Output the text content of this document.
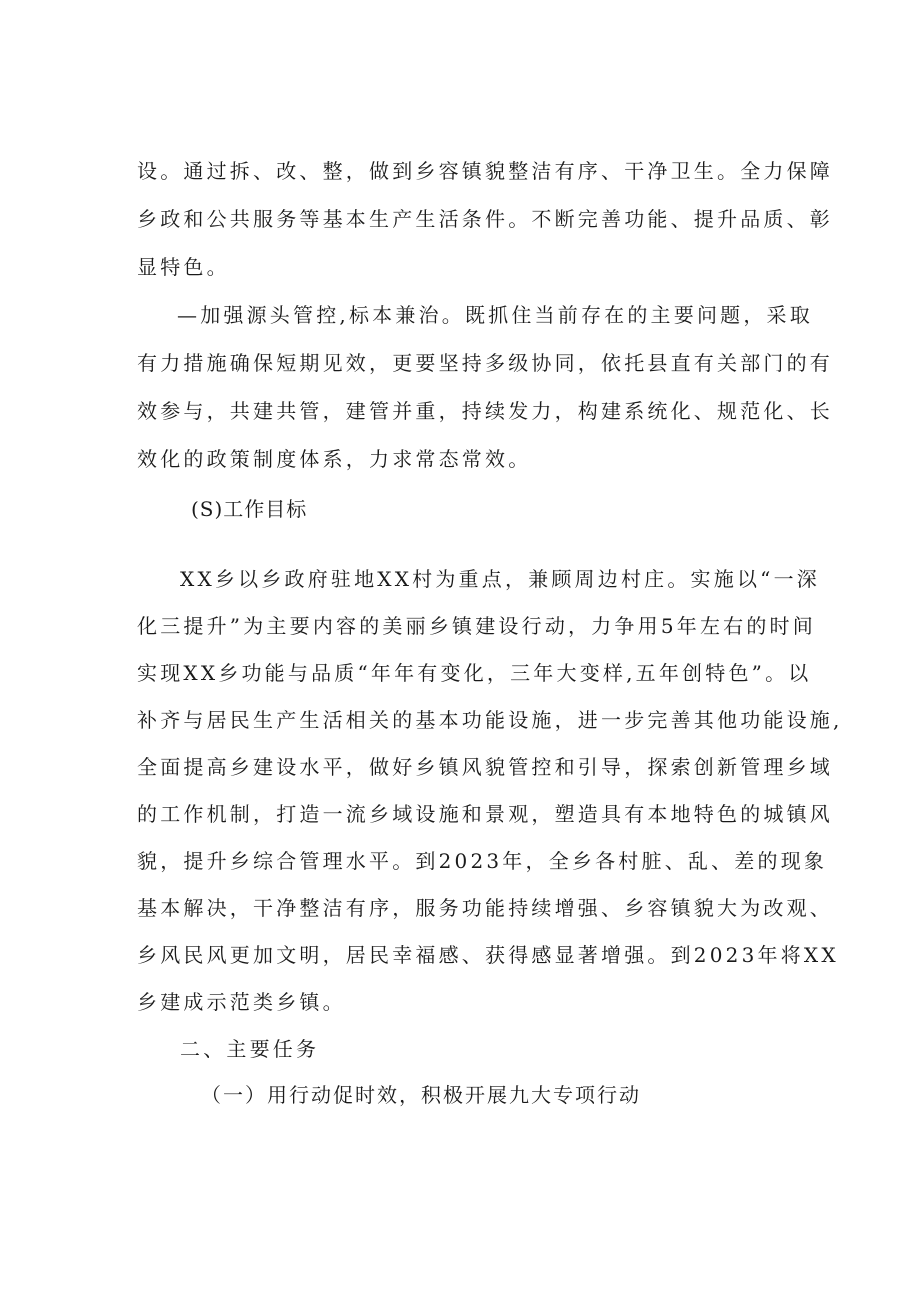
设。通过拆、改、整，做到乡容镇貌整洁有序、干净卫生。全力保障
乡政和公共服务等基本生产生活条件。不断完善功能、提升品质、彰
显特色。
—加强源头管控,标本兼治。既抓住当前存在的主要问题，采取
有力措施确保短期见效，更要坚持多级协同，依托县直有关部门的有
效参与，共建共管，建管并重，持续发力，构建系统化、规范化、长
效化的政策制度体系，力求常态常效。
(S)工作目标
XX乡以乡政府驻地XX村为重点，兼顾周边村庄。实施以“一深
化三提升”为主要内容的美丽乡镇建设行动，力争用5年左右的时间
实现XX乡功能与品质“年年有变化，三年大变样,五年创特色”。以
补齐与居民生产生活相关的基本功能设施，进一步完善其他功能设施,
全面提高乡建设水平，做好乡镇风貌管控和引导，探索创新管理乡域
的工作机制，打造一流乡域设施和景观，塑造具有本地特色的城镇风
貌，提升乡综合管理水平。到2023年，全乡各村脏、乱、差的现象
基本解决，干净整洁有序，服务功能持续增强、乡容镇貌大为改观、
乡风民风更加文明，居民幸福感、获得感显著增强。到2023年将XX
乡建成示范类乡镇。
二、主要任务
（一）用行动促时效，积极开展九大专项行动
